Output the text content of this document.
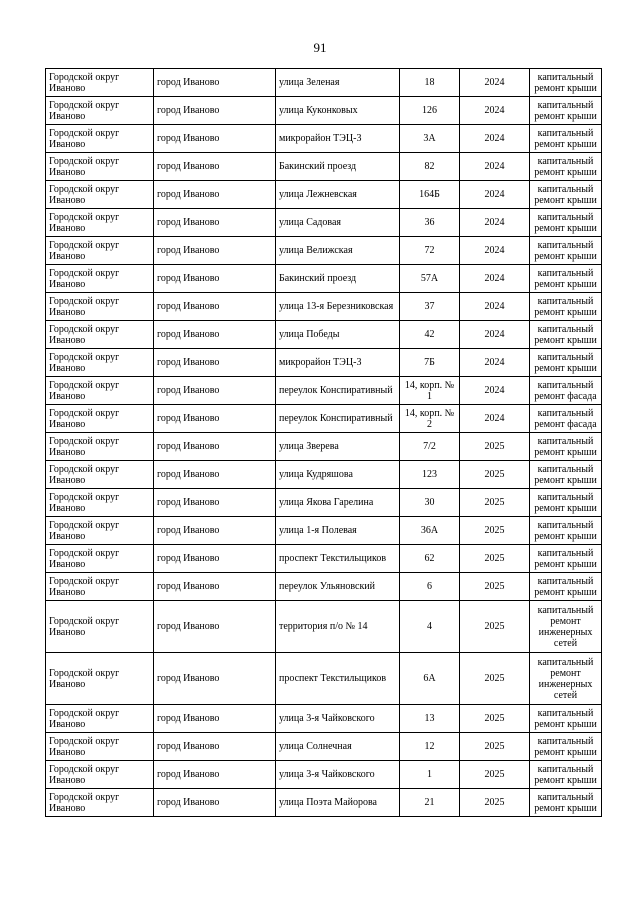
91
Городской округ Иваново	город Иваново	улица Зеленая	18	2024	капитальный ремонт крыши
Городской округ Иваново	город Иваново	улица Куконковых	126	2024	капитальный ремонт крыши
Городской округ Иваново	город Иваново	микрорайон ТЭЦ-3	3А	2024	капитальный ремонт крыши
Городской округ Иваново	город Иваново	Бакинский проезд	82	2024	капитальный ремонт крыши
Городской округ Иваново	город Иваново	улица Лежневская	164Б	2024	капитальный ремонт крыши
Городской округ Иваново	город Иваново	улица Садовая	36	2024	капитальный ремонт крыши
Городской округ Иваново	город Иваново	улица Велижская	72	2024	капитальный ремонт крыши
Городской округ Иваново	город Иваново	Бакинский проезд	57А	2024	капитальный ремонт крыши
Городской округ Иваново	город Иваново	улица 13-я Березниковская	37	2024	капитальный ремонт крыши
Городской округ Иваново	город Иваново	улица Победы	42	2024	капитальный ремонт крыши
Городской округ Иваново	город Иваново	микрорайон ТЭЦ-3	7Б	2024	капитальный ремонт крыши
Городской округ Иваново	город Иваново	переулок Конспиративный	14, корп. № 1	2024	капитальный ремонт фасада
Городской округ Иваново	город Иваново	переулок Конспиративный	14, корп. № 2	2024	капитальный ремонт фасада
Городской округ Иваново	город Иваново	улица Зверева	7/2	2025	капитальный ремонт крыши
Городской округ Иваново	город Иваново	улица Кудряшова	123	2025	капитальный ремонт крыши
Городской округ Иваново	город Иваново	улица Якова Гарелина	30	2025	капитальный ремонт крыши
Городской округ Иваново	город Иваново	улица 1-я Полевая	36А	2025	капитальный ремонт крыши
Городской округ Иваново	город Иваново	проспект Текстильщиков	62	2025	капитальный ремонт крыши
Городской округ Иваново	город Иваново	переулок Ульяновский	6	2025	капитальный ремонт крыши
Городской округ Иваново	город Иваново	территория п/о № 14	4	2025	капитальный ремонт инженерных сетей
Городской округ Иваново	город Иваново	проспект Текстильщиков	6А	2025	капитальный ремонт инженерных сетей
Городской округ Иваново	город Иваново	улица 3-я Чайковского	13	2025	капитальный ремонт крыши
Городской округ Иваново	город Иваново	улица Солнечная	12	2025	капитальный ремонт крыши
Городской округ Иваново	город Иваново	улица 3-я Чайковского	1	2025	капитальный ремонт крыши
Городской округ Иваново	город Иваново	улица Поэта Майорова	21	2025	капитальный ремонт крыши
